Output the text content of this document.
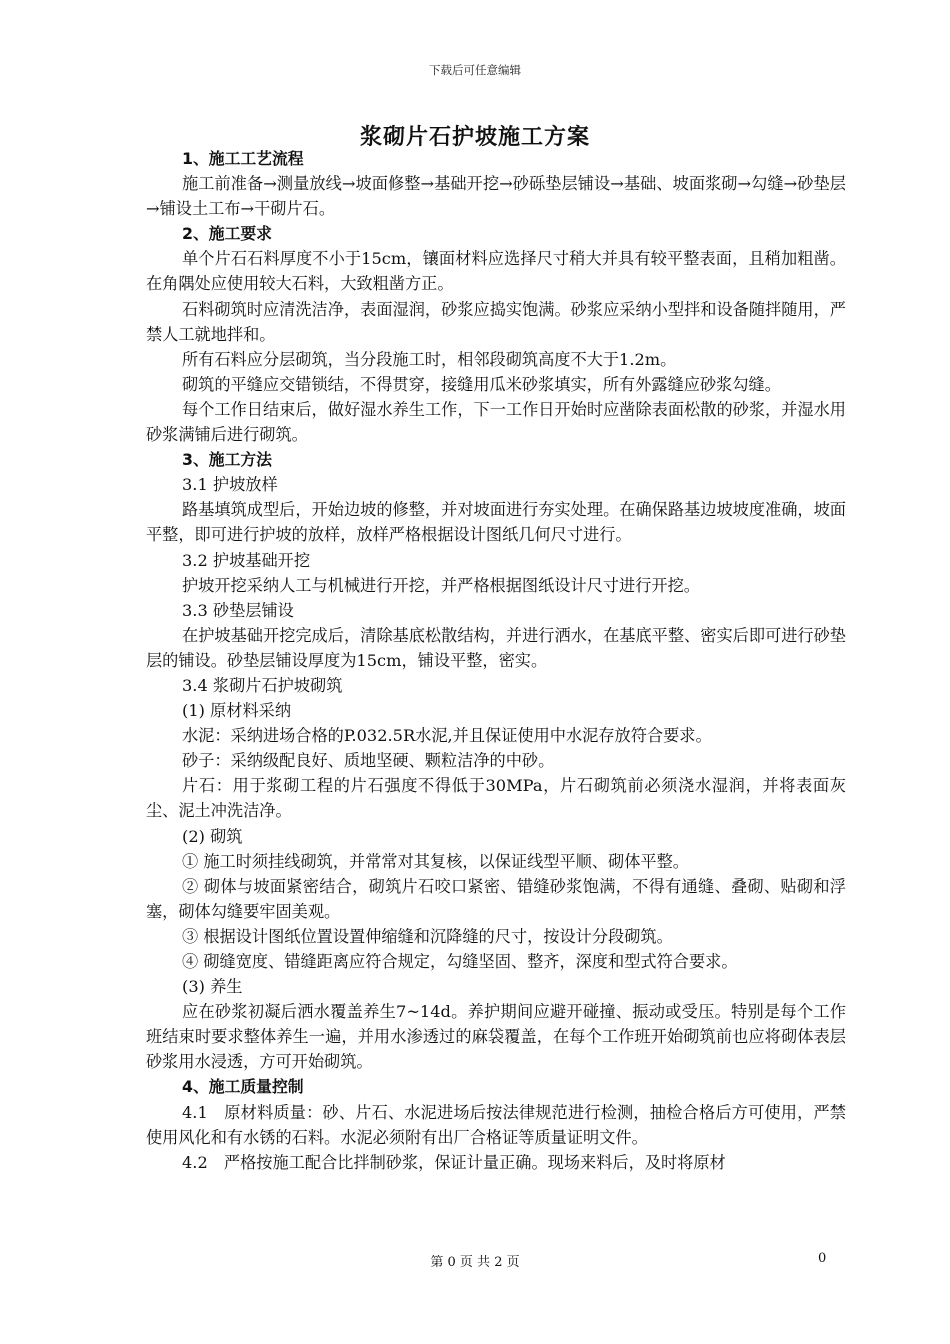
下载后可任意编辑
浆砌片石护坡施工方案

1、施工工艺流程

施工前准备→测量放线→坡面修整→基础开挖→砂砾垫层铺设→基础、坡面浆砌→勾缝→砂垫层→铺设土工布→干砌片石。

2、施工要求

单个片石石料厚度不小于15cm，镶面材料应选择尺寸稍大并具有较平整表面，且稍加粗凿。在角隅处应使用较大石料，大致粗凿方正。

石料砌筑时应清洗洁净，表面湿润，砂浆应捣实饱满。砂浆应采纳小型拌和设备随拌随用，严禁人工就地拌和。

所有石料应分层砌筑，当分段施工时，相邻段砌筑高度不大于1.2m。

砌筑的平缝应交错锁结，不得贯穿，接缝用瓜米砂浆填实，所有外露缝应砂浆勾缝。

每个工作日结束后，做好湿水养生工作，下一工作日开始时应凿除表面松散的砂浆，并湿水用砂浆满铺后进行砌筑。

3、施工方法

3.1 护坡放样

路基填筑成型后，开始边坡的修整，并对坡面进行夯实处理。在确保路基边坡坡度准确，坡面平整，即可进行护坡的放样，放样严格根据设计图纸几何尺寸进行。

3.2 护坡基础开挖

护坡开挖采纳人工与机械进行开挖，并严格根据图纸设计尺寸进行开挖。

3.3 砂垫层铺设

在护坡基础开挖完成后，清除基底松散结构，并进行洒水，在基底平整、密实后即可进行砂垫层的铺设。砂垫层铺设厚度为15cm，铺设平整，密实。

3.4 浆砌片石护坡砌筑

(1) 原材料采纳

水泥：采纳进场合格的P.032.5R水泥,并且保证使用中水泥存放符合要求。

砂子：采纳级配良好、质地坚硬、颗粒洁净的中砂。

片石：用于浆砌工程的片石强度不得低于30MPa，片石砌筑前必须浇水湿润，并将表面灰尘、泥土冲洗洁净。

(2) 砌筑

① 施工时须挂线砌筑，并常常对其复核，以保证线型平顺、砌体平整。

② 砌体与坡面紧密结合，砌筑片石咬口紧密、错缝砂浆饱满，不得有通缝、叠砌、贴砌和浮塞，砌体勾缝要牢固美观。

③ 根据设计图纸位置设置伸缩缝和沉降缝的尺寸，按设计分段砌筑。

④ 砌缝宽度、错缝距离应符合规定，勾缝坚固、整齐，深度和型式符合要求。

(3) 养生

应在砂浆初凝后洒水覆盖养生7~14d。养护期间应避开碰撞、振动或受压。特别是每个工作班结束时要求整体养生一遍，并用水渗透过的麻袋覆盖，在每个工作班开始砌筑前也应将砌体表层砂浆用水浸透，方可开始砌筑。

4、施工质量控制

4.1　原材料质量：砂、片石、水泥进场后按法律规范进行检测，抽检合格后方可使用，严禁使用风化和有水锈的石料。水泥必须附有出厂合格证等质量证明文件。

4.2　严格按施工配合比拌制砂浆，保证计量正确。现场来料后，及时将原材

第 0 页 共 2 页	0
